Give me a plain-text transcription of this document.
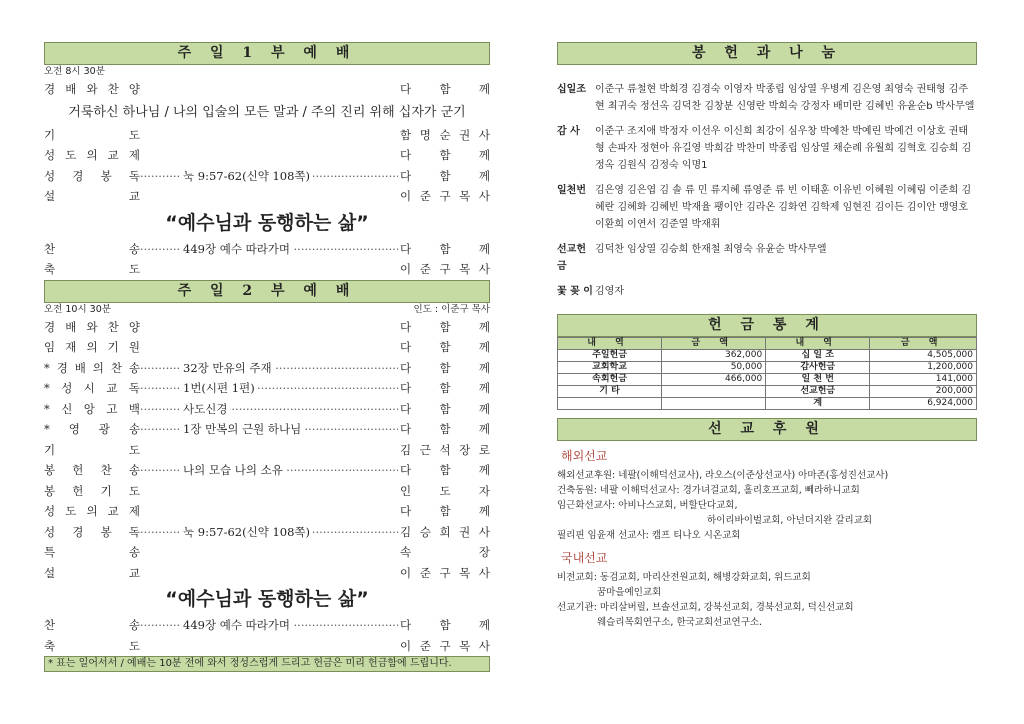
주 일 1 부 예 배
오전 8시 30분
경 배 와 찬 양	다 함 께
거룩하신 하나님 / 나의 입술의 모든 말과 / 주의 진리 위해 십자가 군기
기	도	함 명 순 권 사
성 도 의 교 제	다 함 께
성 경 봉 독	····· 눅 9:57-62(신약 108쪽)	다 함 께
설	교	이 준 구 목 사
“예수님과 동행하는 삶”
찬	송	····· 449장 예수 따라가며	다 함 께
축	도	이 준 구 목 사
주 일 2 부 예 배
오전 10시 30분	인도 : 이준구 목사
경 배 와 찬 양	다 함 께
임 재 의 기 원	다 함 께
* 경 배 의 찬 송	····· 32장 만유의 주재	다 함 께
* 성 시 교 독	····· 1번(시편 1편)	다 함 께
* 신 앙 고 백	····· 사도신경	다 함 께
* 영 광 송	····· 1장 만복의 근원 하나님	다 함 께
기	도	김 근 석 장 로
봉 헌 찬 송	····· 나의 모습 나의 소유	다 함 께
봉 헌 기 도	인 도 자
성 도 의 교 제	다 함 께
성 경 봉 독	····· 눅 9:57-62(신약 108쪽)	김 승 희 권 사
특	송	속	장
설	교	이 준 구 목 사
“예수님과 동행하는 삶”
찬	송	····· 449장 예수 따라가며	다 함 께
축	도	이 준 구 목 사
* 표는 일어서서 / 예배는 10분 전에 와서 정성스럽게 드리고 헌금은 미리 헌금함에 드립니다.
봉 헌 과 나 눔
십일조 이준구 류철현 박희경 김경숙 이영자 박종립 임상열 우병계 김은영 최영숙 권태형 김주현 최귀숙 정선옥 김덕찬 김창분 신영란 박희숙 강정자 배미란 김혜빈 유윤순b 박사무엘
감 사	이준구 조지애 박정자 이선우 이신희 최강이 심우창 박예찬 박예린 박예건 이상호 권태형 손파자 정현아 유길영 박희감 박찬미 박종립 임상열 채순례 유월희 김혁호 김승희 김정옥 김원식 김정숙 익명1
일천번 김은영 김은엽 김 솔 류 민 류지혜 류영준 류 빈 이태훈 이유빈 이혜원 이혜림 이준희 김혜란 김혜화 김혜빈 박재율 팽이안 김라온 김화연 김학제 임현진 김이든 김이안 맹영호 이환희 이연서 김준열 박재휘
선교헌금
김덕찬 임상열 김승희 한재철 최영숙 유윤순 박사무엘
꽃 꽂 이 김영자
헌 금 통 계
내 역	금 액	내 역	금 액
주일헌금	362,000	십 일 조	4,505,000
교회학교	50,000	감사헌금	1,200,000
속회헌금	466,000	일 천 번	141,000
기 타		선교헌금	200,000
		계	6,924,000
선 교 후 원
해외선교
해외선교후원: 네팔(이해덕선교사), 라오스(이준상선교사) 아마존(홍성진선교사)
건축동원: 네팔 이해덕선교사: 경가녀걸교회, 홀리호프교회, 뻬라하니교회
임근화선교사: 아비나스교회, 버할단다교회,
하이리바이벌교회, 아넌더지완 갈리교회
필리핀 임윤재 선교사: 캠프 티나오 시온교회
국내선교
비전교회: 동검교회, 마리산전원교회, 해병강화교회, 위드교회
꿈마을예인교회
선교기관: 마리살버릴, 브솔선교회, 강북선교회, 경북선교회, 덕신선교회
웨슬리목회연구소, 한국교회선교연구소.
